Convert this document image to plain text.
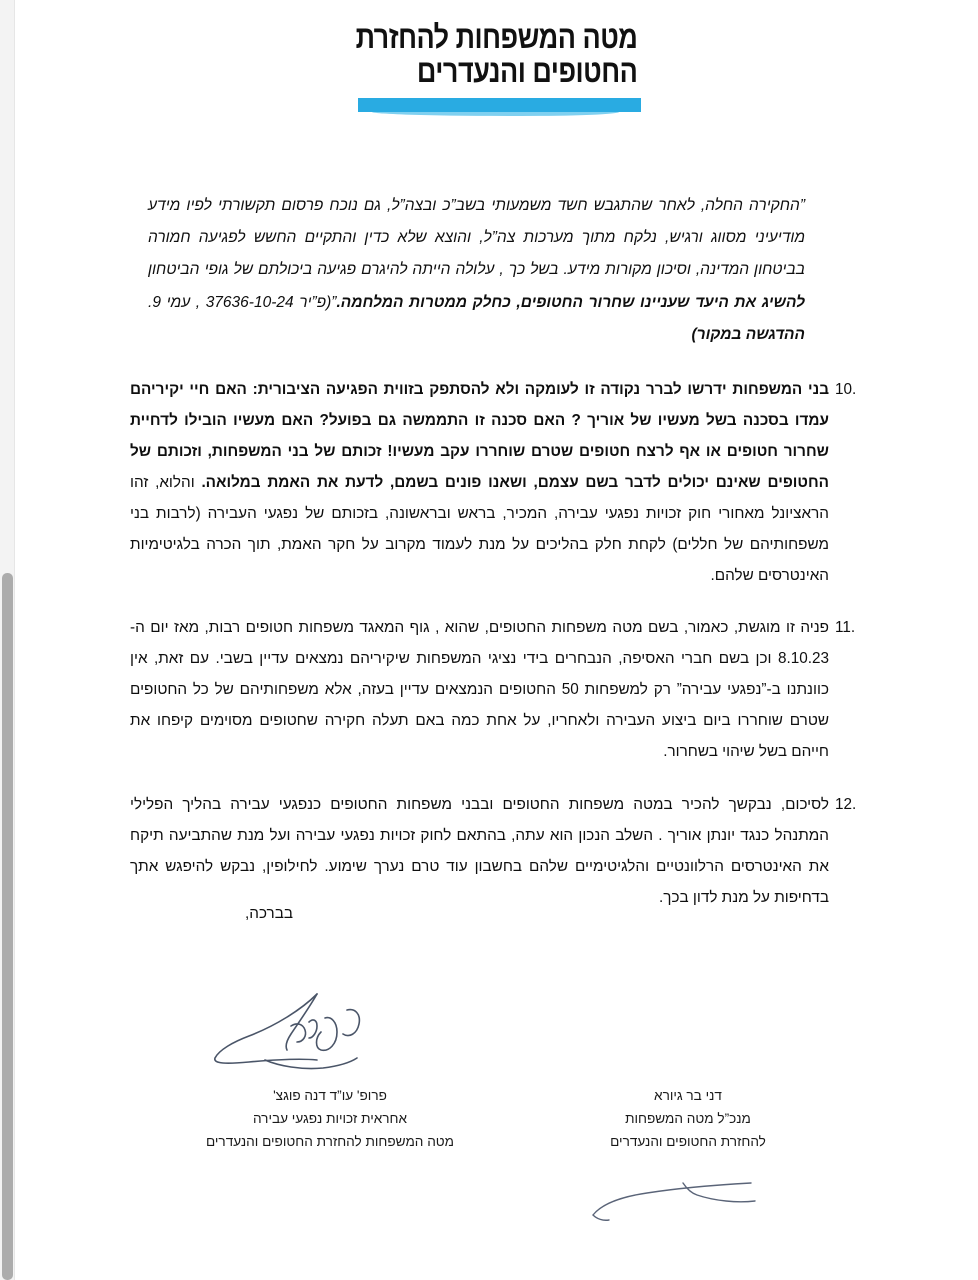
מטה המשפחות להחזרת
החטופים והנעדרים

”החקירה החלה, לאחר שהתגבש חשד משמעותי בשב”כ ובצה”ל, גם נוכח פרסום תקשורתי לפיו מידע מודיעיני מסווג ורגיש, נלקח מתוך מערכות צה”ל, והוצא שלא כדין והתקיים החשש לפגיעה חמורה בביטחון המדינה, וסיכון מקורות מידע. בשל כך , עלולה הייתה להיגרם פגיעה ביכולתם של גופי הביטחון להשיג את היעד שעניינו שחרור החטופים, כחלק ממטרות המלחמה.”(פ”יר 37636-10-24 , עמי 9. ההדגשה במקור)

10.
בני המשפחות ידרשו לברר נקודה זו לעומקה ולא להסתפק בזווית הפגיעה הציבורית: האם חיי יקיריהם עמדו בסכנה בשל מעשיו של אוריך ? האם סכנה זו התממשה גם בפועל? האם מעשיו הובילו לדחיית שחרור חטופים או אף לרצח חטופים שטרם שוחררו עקב מעשיו! זכותם של בני המשפחות, וזכותם של החטופים שאינם יכולים לדבר בשם עצמם, ושאנו פונים בשמם, לדעת את האמת במלואה. והלוא, זהו הראציונל מאחורי חוק זכויות נפגעי עבירה, המכיר, בראש ובראשונה, בזכותם של נפגעי העבירה (לרבות בני משפחותיהם של חללים) לקחת חלק בהליכים על מנת לעמוד מקרוב על חקר האמת, תוך הכרה בלגיטימיות האינטרסים שלהם.
11.
פניה זו מוגשת, כאמור, בשם מטה משפחות החטופים, שהוא , גוף המאגד משפחות חטופים רבות, מאז יום ה- 8.10.23 וכן בשם חברי האסיפה, הנבחרים בידי נציגי המשפחות שיקיריהם נמצאים עדיין בשבי. עם זאת, אין כוונתנו ב-”נפגעי עבירה” רק למשפחות 50 החטופים הנמצאים עדיין בעזה, אלא משפחותיהם של כל החטופים שטרם שוחררו ביום ביצוע העבירה ולאחריו, על אחת כמה באם תעלה חקירה שחטופים מסוימים קיפחו את חייהם בשל שיהוי בשחרור.
12.
לסיכום, נבקשך להכיר במטה משפחות החטופים ובבני משפחות החטופים כנפגעי עבירה בהליך הפלילי המתנהל כנגד יונתן אוריך . השלב הנכון הוא עתה, בהתאם לחוק זכויות נפגעי עבירה ועל מנת שהתביעה תיקח את האינטרסים הרלוונטיים והלגיטימיים שלהם בחשבון עוד טרם נערך שימוע. לחילופין, נבקש להיפגש אתך בדחיפות על מנת לדון בכך.
בברכה,
דני בר גיורא
מנכ”ל מטה המשפחות
להחזרת החטופים והנעדרים
פרופ' עו”ד דנה פוגצ'
אחראית זכויות נפגעי עבירה
מטה המשפחות להחזרת החטופים והנעדרים
